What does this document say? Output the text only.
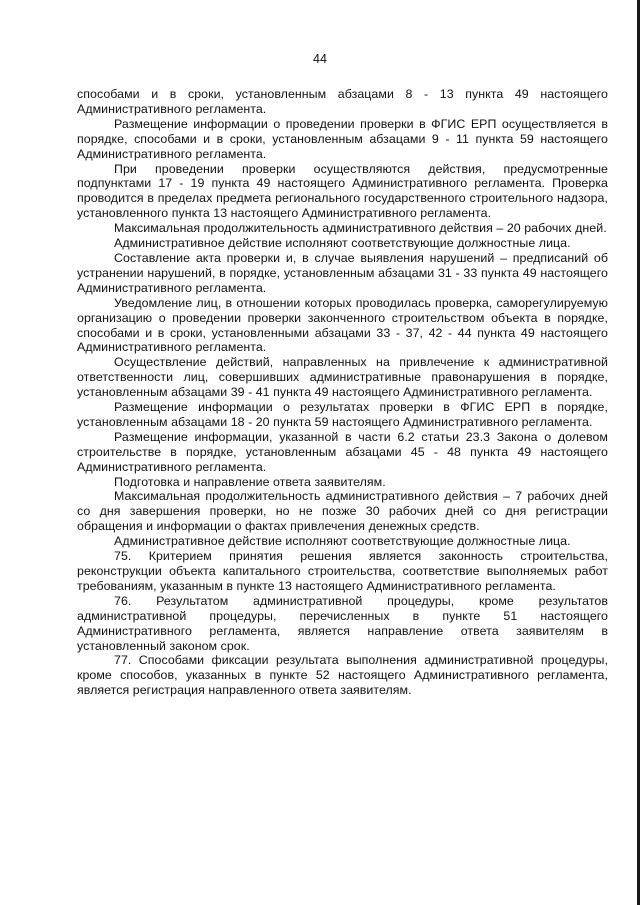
44

способами и в сроки, установленным абзацами 8 - 13 пункта 49 настоящего Административного регламента.

Размещение информации о проведении проверки в ФГИС ЕРП осуществляется в порядке, способами и в сроки, установленным абзацами 9 - 11 пункта 59 настоящего Административного регламента.

При проведении проверки осуществляются действия, предусмотренные подпунктами 17 - 19 пункта 49 настоящего Административного регламента. Проверка проводится в пределах предмета регионального государственного строительного надзора, установленного пункта 13 настоящего Административного регламента.

Максимальная продолжительность административного действия – 20 рабочих дней.

Административное действие исполняют соответствующие должностные лица.

Составление акта проверки и, в случае выявления нарушений – предписаний об устранении нарушений, в порядке, установленным абзацами 31 - 33 пункта 49 настоящего Административного регламента.

Уведомление лиц, в отношении которых проводилась проверка, саморегулируемую организацию о проведении проверки законченного строительством объекта в порядке, способами и в сроки, установленными абзацами 33 - 37, 42 - 44 пункта 49 настоящего Административного регламента.

Осуществление действий, направленных на привлечение к административной ответственности лиц, совершивших административные правонарушения в порядке, установленным абзацами 39 - 41 пункта 49 настоящего Административного регламента.

Размещение информации о результатах проверки в ФГИС ЕРП в порядке, установленным абзацами 18 - 20 пункта 59 настоящего Административного регламента.

Размещение информации, указанной в части 6.2 статьи 23.3 Закона о долевом строительстве в порядке, установленным абзацами 45 - 48 пункта 49 настоящего Административного регламента.

Подготовка и направление ответа заявителям.

Максимальная продолжительность административного действия – 7 рабочих дней со дня завершения проверки, но не позже 30 рабочих дней со дня регистрации обращения и информации о фактах привлечения денежных средств.

Административное действие исполняют соответствующие должностные лица.

75. Критерием принятия решения является законность строительства, реконструкции объекта капитального строительства, соответствие выполняемых работ требованиям, указанным в пункте 13 настоящего Административного регламента.

76. Результатом административной процедуры, кроме результатов административной процедуры, перечисленных в пункте 51 настоящего Административного регламента, является направление ответа заявителям в установленный законом срок.

77. Способами фиксации результата выполнения административной процедуры, кроме способов, указанных в пункте 52 настоящего Административного регламента, является регистрация направленного ответа заявителям.
